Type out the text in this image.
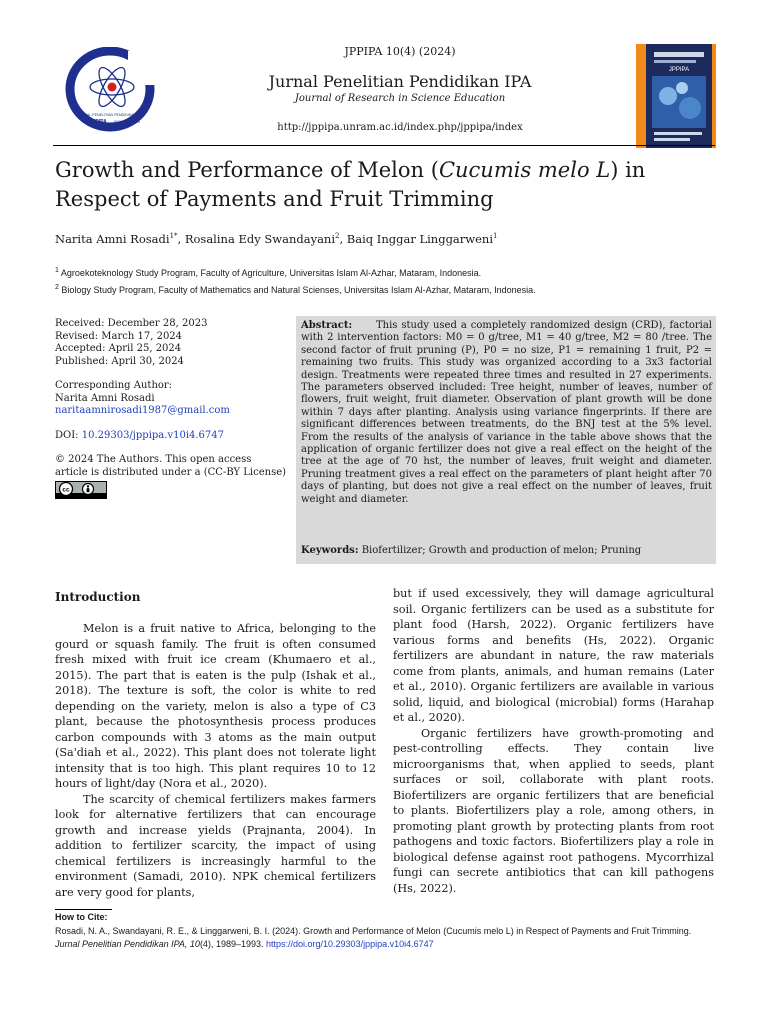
JURNAL PENELITIAN PENDIDIKAN IPA
JPPIPA ISSN: 2460-7924
JPPIPA 10(4) (2024)
Jurnal Penelitian Pendidikan IPA
Journal of Research in Science Education
http://jppipa.unram.ac.id/index.php/jppipa/index
JPPIPA
Growth and Performance of Melon (Cucumis melo L) in Respect of Payments and Fruit Trimming
Narita Amni Rosadi$^{1*}$, Rosalina Edy Swandayani$^2$, Baiq Inggar Linggarweni$^1$
$^1$ Agroekoteknology Study Program, Faculty of Agriculture, Universitas Islam Al-Azhar, Mataram, Indonesia.
$^2$ Biology Study Program, Faculty of Mathematics and Natural Scienses, Universitas Islam Al-Azhar, Mataram, Indonesia.
Received: December 28, 2023
Revised: March 17, 2024
Accepted: April 25, 2024
Published: April 30, 2024
Corresponding Author:
Narita Amni Rosadi
naritaamnirosadi1987@gmail.com
DOI: 10.29303/jppipa.v10i4.6747
© 2024 The Authors. This open access article is distributed under a (CC-BY License)
cc
Abstract: This study used a completely randomized design (CRD), factorial with 2 intervention factors: M0 = 0 g/tree, M1 = 40 g/tree, M2 = 80 /tree. The second factor of fruit pruning (P), P0 = no size, P1 = remaining 1 fruit, P2 = remaining two fruits. This study was organized according to a 3x3 factorial design. Treatments were repeated three times and resulted in 27 experiments. The parameters observed included: Tree height, number of leaves, number of flowers, fruit weight, fruit diameter. Observation of plant growth will be done within 7 days after planting. Analysis using variance fingerprints. If there are significant differences between treatments, do the BNJ test at the 5% level. From the results of the analysis of variance in the table above shows that the application of organic fertilizer does not give a real effect on the height of the tree at the age of 70 hst, the number of leaves, fruit weight and diameter. Pruning treatment gives a real effect on the parameters of plant height after 70 days of planting, but does not give a real effect on the number of leaves, fruit weight and diameter.
Keywords: Biofertilizer; Growth and production of melon; Pruning
Introduction

Melon is a fruit native to Africa, belonging to the gourd or squash family. The fruit is often consumed fresh mixed with fruit ice cream (Khumaero et al., 2015). The part that is eaten is the pulp (Ishak et al., 2018). The texture is soft, the color is white to red depending on the variety, melon is also a type of C3 plant, because the photosynthesis process produces carbon compounds with 3 atoms as the main output (Sa'diah et al., 2022). This plant does not tolerate light intensity that is too high. This plant requires 10 to 12 hours of light/day (Nora et al., 2020).

The scarcity of chemical fertilizers makes farmers look for alternative fertilizers that can encourage growth and increase yields (Prajnanta, 2004). In addition to fertilizer scarcity, the impact of using chemical fertilizers is increasingly harmful to the environment (Samadi, 2010). NPK chemical fertilizers are very good for plants,

but if used excessively, they will damage agricultural soil. Organic fertilizers can be used as a substitute for plant food (Harsh, 2022). Organic fertilizers have various forms and benefits (Hs, 2022). Organic fertilizers are abundant in nature, the raw materials come from plants, animals, and human remains (Later et al., 2010). Organic fertilizers are available in various solid, liquid, and biological (microbial) forms (Harahap et al., 2020).

Organic fertilizers have growth-promoting and pest-controlling effects. They contain live microorganisms that, when applied to seeds, plant surfaces or soil, collaborate with plant roots. Biofertilizers are organic fertilizers that are beneficial to plants. Biofertilizers play a role, among others, in promoting plant growth by protecting plants from root pathogens and toxic factors. Biofertilizers play a role in biological defense against root pathogens. Mycorrhizal fungi can secrete antibiotics that can kill pathogens (Hs, 2022).

How to Cite:
Rosadi, N. A., Swandayani, R. E., & Linggarweni, B. I. (2024). Growth and Performance of Melon (Cucumis melo L) in Respect of Payments and Fruit Trimming. Jurnal Penelitian Pendidikan IPA, 10(4), 1989–1993. https://doi.org/10.29303/jppipa.v10i4.6747
